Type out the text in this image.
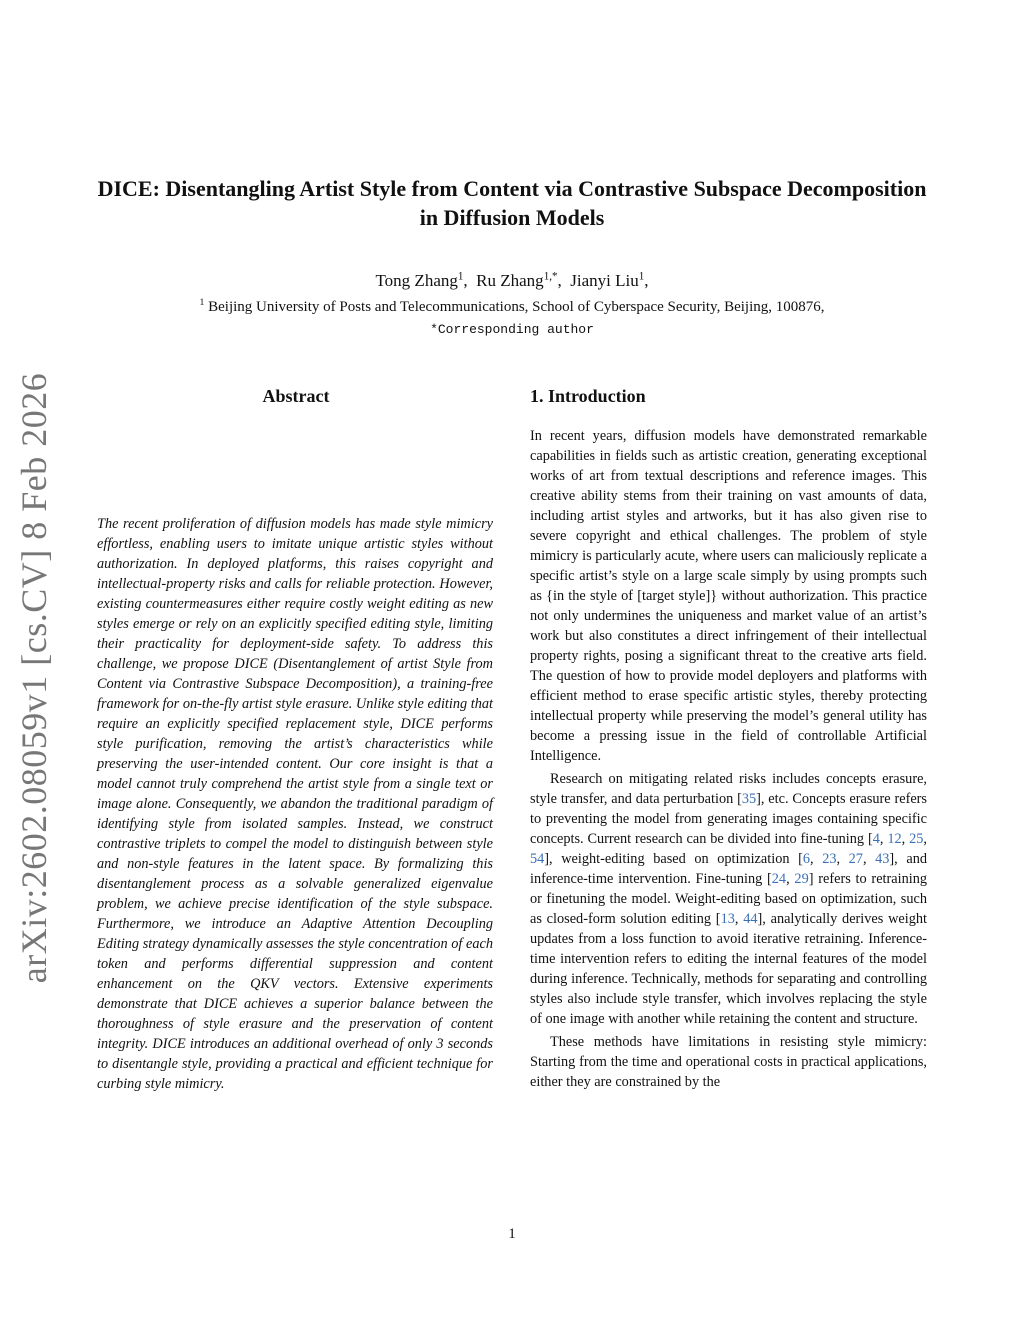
arXiv:2602.08059v1 [cs.CV] 8 Feb 2026
DICE: Disentangling Artist Style from Content via Contrastive Subspace Decomposition in Diffusion Models
Tong Zhang$^1$,  Ru Zhang$^{1,*}$,  Jianyi Liu$^1$,
$^1$ Beijing University of Posts and Telecommunications, School of Cyberspace Security, Beijing, 100876,
*Corresponding author
Abstract
The recent proliferation of diffusion models has made style mimicry effortless, enabling users to imitate unique artistic styles without authorization. In deployed platforms, this raises copyright and intellectual-property risks and calls for reliable protection. However, existing countermeasures either require costly weight editing as new styles emerge or rely on an explicitly specified editing style, limiting their practicality for deployment-side safety. To address this challenge, we propose DICE (Disentanglement of artist Style from Content via Contrastive Subspace Decomposition), a training-free framework for on-the-fly artist style erasure. Unlike style editing that require an explicitly specified replacement style, DICE performs style purification, removing the artist’s characteristics while preserving the user-intended content. Our core insight is that a model cannot truly comprehend the artist style from a single text or image alone. Consequently, we abandon the traditional paradigm of identifying style from isolated samples. Instead, we construct contrastive triplets to compel the model to distinguish between style and non-style features in the latent space. By formalizing this disentanglement process as a solvable generalized eigenvalue problem, we achieve precise identification of the style subspace. Furthermore, we introduce an Adaptive Attention Decoupling Editing strategy dynamically assesses the style concentration of each token and performs differential suppression and content enhancement on the QKV vectors. Extensive experiments demonstrate that DICE achieves a superior balance between the thoroughness of style erasure and the preservation of content integrity. DICE introduces an additional overhead of only 3 seconds to disentangle style, providing a practical and efficient technique for curbing style mimicry.
1. Introduction

In recent years, diffusion models have demonstrated remarkable capabilities in fields such as artistic creation, generating exceptional works of art from textual descriptions and reference images. This creative ability stems from their training on vast amounts of data, including artist styles and artworks, but it has also given rise to severe copyright and ethical challenges. The problem of style mimicry is particularly acute, where users can maliciously replicate a specific artist’s style on a large scale simply by using prompts such as {in the style of [target style]} without authorization. This practice not only undermines the uniqueness and market value of an artist’s work but also constitutes a direct infringement of their intellectual property rights, posing a significant threat to the creative arts field. The question of how to provide model deployers and platforms with efficient method to erase specific artistic styles, thereby protecting intellectual property while preserving the model’s general utility has become a pressing issue in the field of controllable Artificial Intelligence.

Research on mitigating related risks includes concepts erasure, style transfer, and data perturbation [35], etc. Concepts erasure refers to preventing the model from generating images containing specific concepts. Current research can be divided into fine-tuning [4, 12, 25, 54], weight-editing based on optimization [6, 23, 27, 43], and inference-time intervention. Fine-tuning [24, 29] refers to retraining or finetuning the model. Weight-editing based on optimization, such as closed-form solution editing [13, 44], analytically derives weight updates from a loss function to avoid iterative retraining. Inference-time intervention refers to editing the internal features of the model during inference. Technically, methods for separating and controlling styles also include style transfer, which involves replacing the style of one image with another while retaining the content and structure.

These methods have limitations in resisting style mimicry: Starting from the time and operational costs in practical applications, either they are constrained by the

1
